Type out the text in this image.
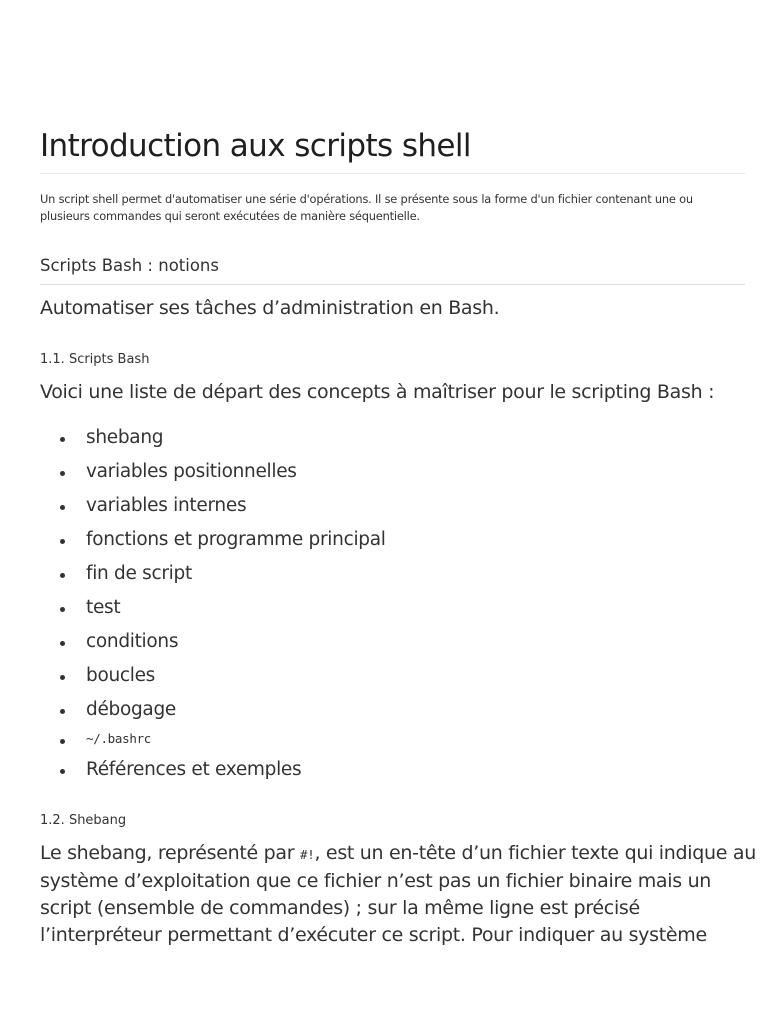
Introduction aux scripts shell

Un script shell permet d'automatiser une série d'opérations. Il se présente sous la forme d'un fichier contenant une ou plusieurs commandes qui seront exécutées de manière séquentielle.

Scripts Bash : notions

Automatiser ses tâches d’administration en Bash.

1.1. Scripts Bash

Voici une liste de départ des concepts à maîtriser pour le scripting Bash :

shebang
variables positionnelles
variables internes
fonctions et programme principal
fin de script
test
conditions
boucles
débogage
$^{\sim/.bashrc}$
Références et exemples
1.2. Shebang

Le shebang, représenté par #!, est un en-tête d’un fichier texte qui indique au système d’exploitation que ce fichier n’est pas un fichier binaire mais un script (ensemble de commandes) ; sur la même ligne est précisé l’interpréteur permettant d’exécuter ce script. Pour indiquer au système
